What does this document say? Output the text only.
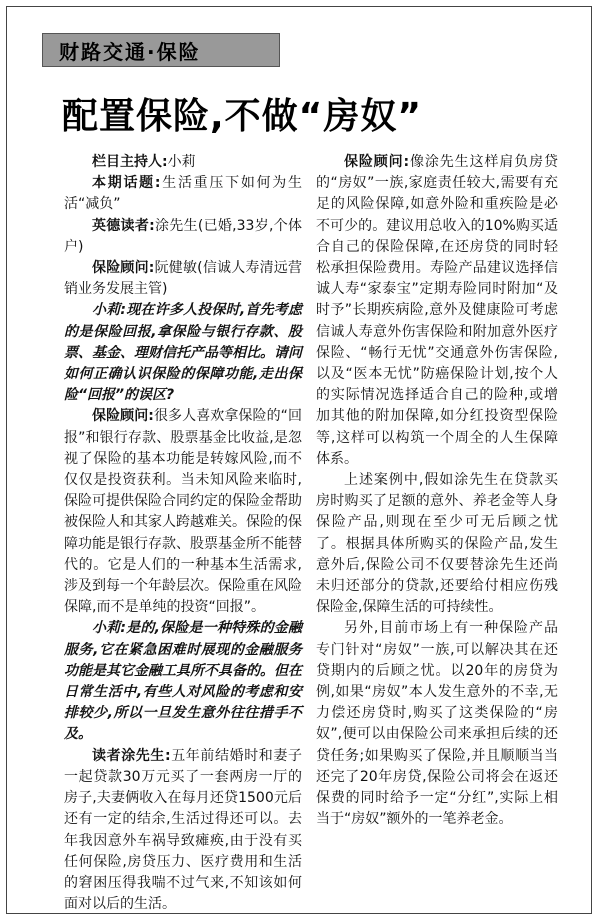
财路交通·保险
配置保险,不做“房奴”

栏目主持人:小莉

本期话题:生活重压下如何为生活“减负”

英德读者:涂先生(已婚,33岁,个体户)

保险顾问:阮健敏(信诚人寿清远营销业务发展主管)

小莉:现在许多人投保时,首先考虑的是保险回报,拿保险与银行存款、股票、基金、理财信托产品等相比。请问如何正确认识保险的保障功能,走出保险“回报”的误区?

保险顾问:很多人喜欢拿保险的“回报”和银行存款、股票基金比收益,是忽视了保险的基本功能是转嫁风险,而不仅仅是投资获利。当未知风险来临时,保险可提供保险合同约定的保险金帮助被保险人和其家人跨越难关。保险的保障功能是银行存款、股票基金所不能替代的。它是人们的一种基本生活需求,涉及到每一个年龄层次。保险重在风险保障,而不是单纯的投资“回报”。

小莉:是的,保险是一种特殊的金融服务,它在紧急困难时展现的金融服务功能是其它金融工具所不具备的。但在日常生活中,有些人对风险的考虑和安排较少,所以一旦发生意外往往措手不及。

读者涂先生:五年前结婚时和妻子一起贷款30万元买了一套两房一厅的房子,夫妻俩收入在每月还贷1500元后还有一定的结余,生活过得还可以。去年我因意外车祸导致瘫痪,由于没有买任何保险,房贷压力、医疗费用和生活的窘困压得我喘不过气来,不知该如何面对以后的生活。

保险顾问:像涂先生这样肩负房贷的“房奴”一族,家庭责任较大,需要有充足的风险保障,如意外险和重疾险是必不可少的。建议用总收入的10%购买适合自己的保险保障,在还房贷的同时轻松承担保险费用。寿险产品建议选择信诚人寿“家泰宝”定期寿险同时附加“及时予”长期疾病险,意外及健康险可考虑信诚人寿意外伤害保险和附加意外医疗保险、“畅行无忧”交通意外伤害保险,以及“医本无忧”防癌保险计划,按个人的实际情况选择适合自己的险种,或增加其他的附加保障,如分红投资型保险等,这样可以构筑一个周全的人生保障体系。

上述案例中,假如涂先生在贷款买房时购买了足额的意外、养老金等人身保险产品,则现在至少可无后顾之忧了。根据具体所购买的保险产品,发生意外后,保险公司不仅要替涂先生还尚未归还部分的贷款,还要给付相应伤残保险金,保障生活的可持续性。

另外,目前市场上有一种保险产品专门针对“房奴”一族,可以解决其在还贷期内的后顾之忧。以20年的房贷为例,如果“房奴”本人发生意外的不幸,无力偿还房贷时,购买了这类保险的“房奴”,便可以由保险公司来承担后续的还贷任务;如果购买了保险,并且顺顺当当还完了20年房贷,保险公司将会在返还保费的同时给予一定“分红”,实际上相当于“房奴”额外的一笔养老金。
